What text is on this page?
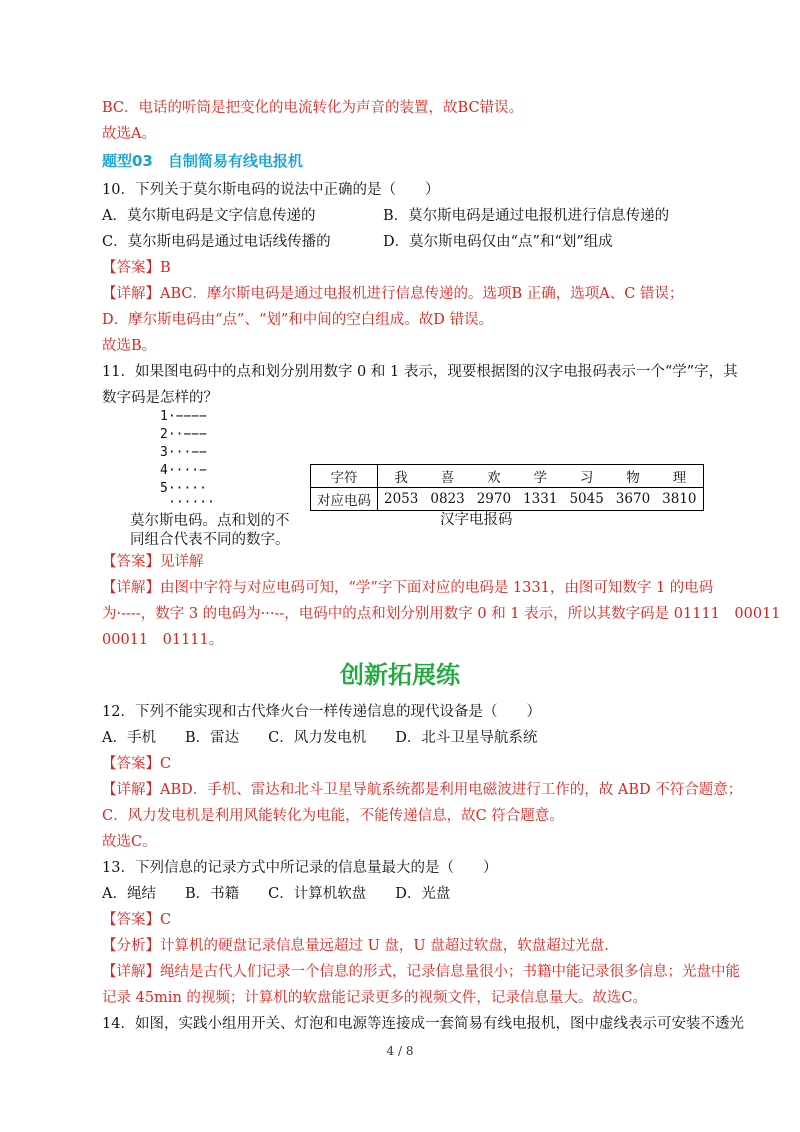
BC．电话的听筒是把变化的电流转化为声音的装置，故BC错误。
故选A。
题型03　自制简易有线电报机
10．下列关于莫尔斯电码的说法中正确的是（　　）
A．莫尔斯电码是文字信息传递的	B．莫尔斯电码是通过电报机进行信息传递的
C．莫尔斯电码是通过电话线传播的	D．莫尔斯电码仅由“点”和“划”组成
【答案】B
【详解】ABC．摩尔斯电码是通过电报机进行信息传递的。选项B 正确，选项A、C 错误；
D．摩尔斯电码由“点”、“划”和中间的空白组成。故D 错误。
故选B。
11．如果图电码中的点和划分别用数字 0 和 1 表示，现要根据图的汉字电报码表示一个“学”字，其
数字码是怎样的？
1·−−−−
2··−−−
3···−−
4····−
5·····
······
莫尔斯电码。点和划的不
同组合代表不同的数字。
字符	我	喜	欢	学	习	物	理
对应电码	2053	0823	2970	1331	5045	3670	3810
汉字电报码
【答案】见详解
【详解】由图中字符与对应电码可知，“学”字下面对应的电码是 1331，由图可知数字 1 的电码
为·----，数字 3 的电码为···--，电码中的点和划分别用数字 0 和 1 表示，所以其数字码是 01111　00011
00011　01111。
创新拓展练
12．下列不能实现和古代烽火台一样传递信息的现代设备是（　　）
A．手机　　B．雷达　　C．风力发电机　　D．北斗卫星导航系统
【答案】C
【详解】ABD．手机、雷达和北斗卫星导航系统都是利用电磁波进行工作的，故 ABD 不符合题意；
C．风力发电机是利用风能转化为电能，不能传递信息，故C 符合题意。
故选C。
13．下列信息的记录方式中所记录的信息量最大的是（　　）
A．绳结　　B．书籍　　C．计算机软盘　　D．光盘
【答案】C
【分析】计算机的硬盘记录信息量远超过 U 盘，U 盘超过软盘，软盘超过光盘.
【详解】绳结是古代人们记录一个信息的形式，记录信息量很小；书籍中能记录很多信息；光盘中能
记录 45min 的视频；计算机的软盘能记录更多的视频文件，记录信息量大。故选C。
14．如图，实践小组用开关、灯泡和电源等连接成一套简易有线电报机，图中虚线表示可安装不透光
4 / 8
